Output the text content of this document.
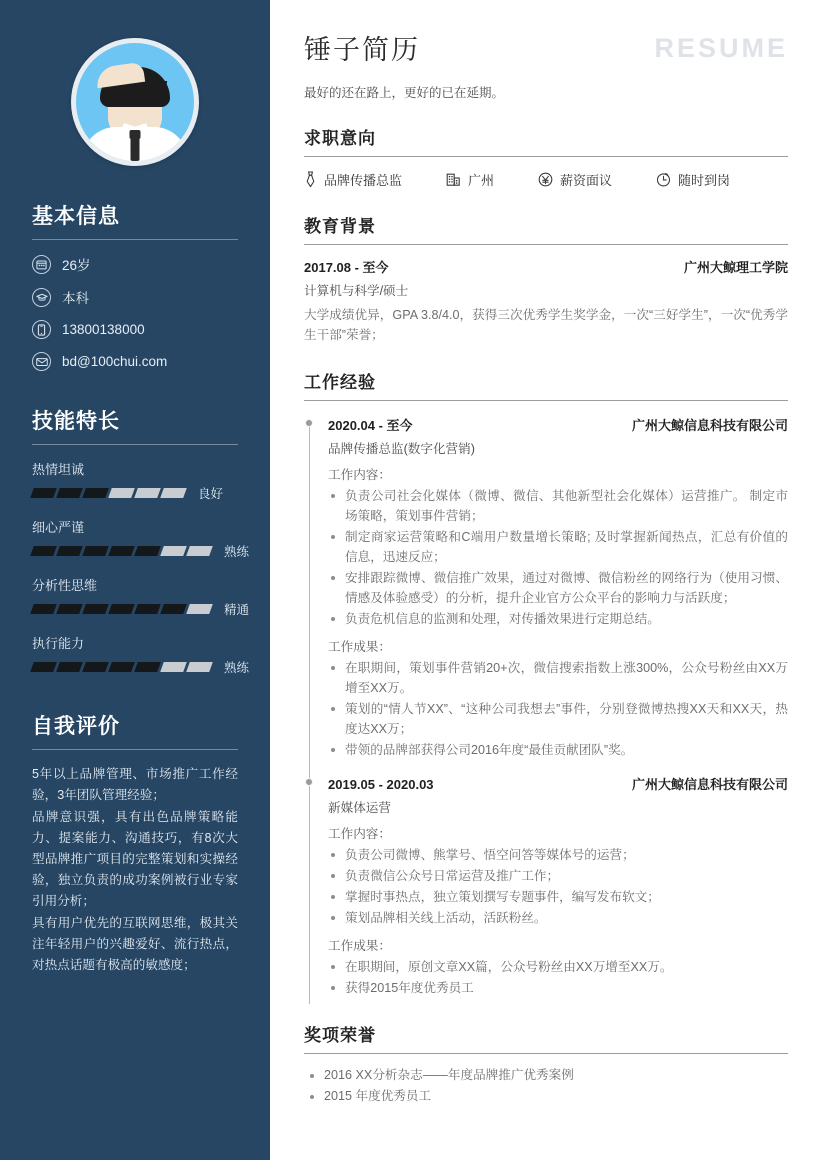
基本信息
26岁
本科
13800138000
bd@100chui.com
技能特长
热情坦诚
良好
细心严谨
熟练
分析性思维
精通
执行能力
熟练
自我评价

5年以上品牌管理、市场推广工作经验，3年团队管理经验；

品牌意识强，具有出色品牌策略能力、提案能力、沟通技巧，有8次大型品牌推广项目的完整策划和实操经验，独立负责的成功案例被行业专家引用分析；

具有用户优先的互联网思维，极其关注年轻用户的兴趣爱好、流行热点，对热点话题有极高的敏感度；

锤子简历	RESUME
最好的还在路上，更好的已在延期。
求职意向
品牌传播总监	广州	薪资面议	随时到岗
教育背景
2017.08 - 至今	广州大鲸理工学院
计算机与科学/硕士
大学成绩优异，GPA 3.8/4.0，获得三次优秀学生奖学金，一次“三好学生”，一次“优秀学生干部”荣誉；
工作经验
2020.04 - 至今	广州大鲸信息科技有限公司
品牌传播总监(数字化营销)
工作内容：
负责公司社会化媒体（微博、微信、其他新型社会化媒体）运营推广。 制定市场策略，策划事件营销；
制定商家运营策略和C端用户数量增长策略; 及时掌握新闻热点，汇总有价值的信息，迅速反应；
安排跟踪微博、微信推广效果，通过对微博、微信粉丝的网络行为（使用习惯、情感及体验感受）的分析，提升企业官方公众平台的影响力与活跃度；
负责危机信息的监测和处理，对传播效果进行定期总结。
工作成果：
在职期间，策划事件营销20+次，微信搜索指数上涨300%，公众号粉丝由XX万增至XX万。
策划的“情人节XX”、“这种公司我想去”事件，分别登微博热搜XX天和XX天，热度达XX万；
带领的品牌部获得公司2016年度“最佳贡献团队”奖。
2019.05 - 2020.03	广州大鲸信息科技有限公司
新媒体运营
工作内容：
负责公司微博、熊掌号、悟空问答等媒体号的运营；
负责微信公众号日常运营及推广工作；
掌握时事热点，独立策划撰写专题事件，编写发布软文；
策划品牌相关线上活动，活跃粉丝。
工作成果：
在职期间，原创文章XX篇，公众号粉丝由XX万增至XX万。
获得2015年度优秀员工
奖项荣誉
2016 XX分析杂志——年度品牌推广优秀案例
2015 年度优秀员工
